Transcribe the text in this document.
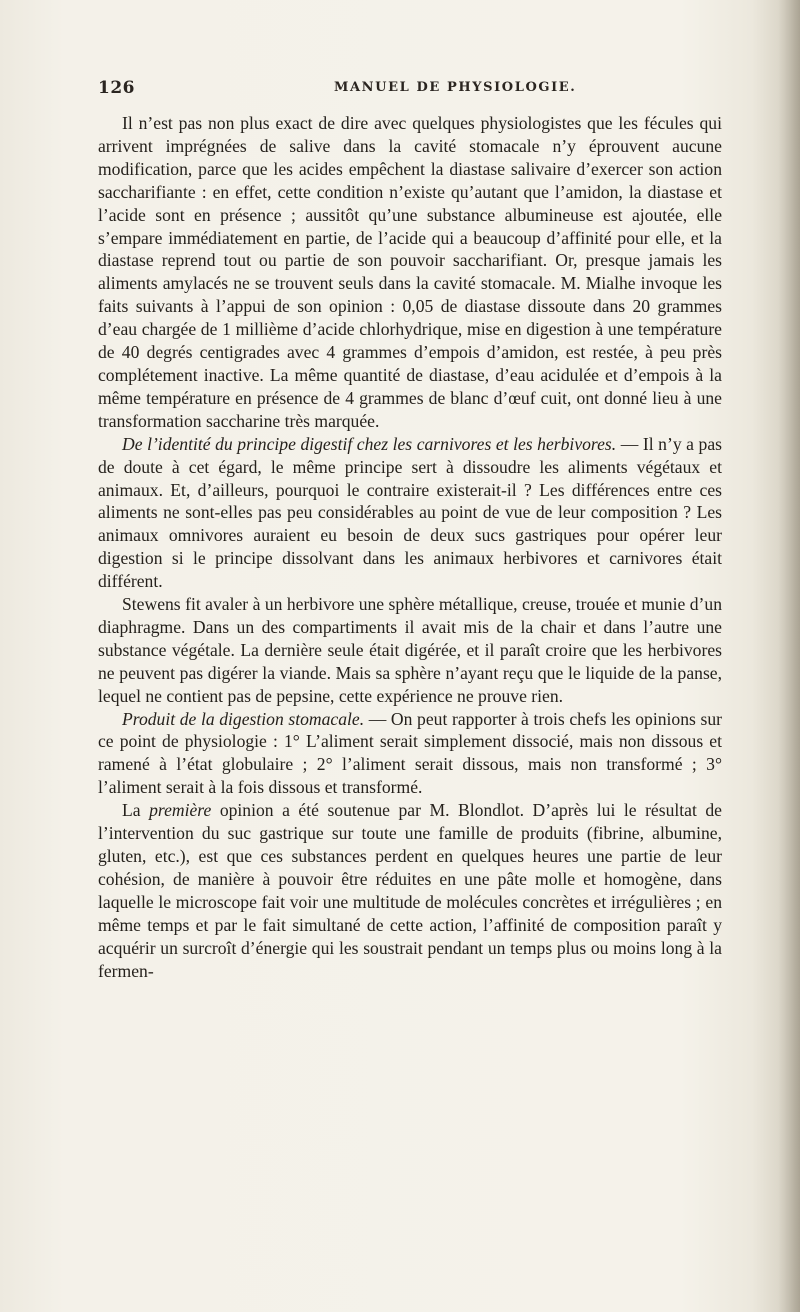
126	MANUEL DE PHYSIOLOGIE.

Il n’est pas non plus exact de dire avec quelques physiologistes que les fécules qui arrivent imprégnées de salive dans la cavité stomacale n’y éprouvent aucune modification, parce que les acides empêchent la diastase salivaire d’exercer son action saccharifiante : en effet, cette condition n’existe qu’autant que l’amidon, la diastase et l’acide sont en présence ; aussitôt qu’une substance albumineuse est ajoutée, elle s’empare immédiatement en partie, de l’acide qui a beaucoup d’affinité pour elle, et la diastase reprend tout ou partie de son pouvoir saccharifiant. Or, presque jamais les aliments amylacés ne se trouvent seuls dans la cavité stomacale. M. Mialhe invoque les faits suivants à l’appui de son opinion : 0,05 de diastase dissoute dans 20 grammes d’eau chargée de 1 millième d’acide chlorhydrique, mise en digestion à une température de 40 degrés centigrades avec 4 grammes d’empois d’amidon, est restée, à peu près complétement inactive. La même quantité de diastase, d’eau acidulée et d’empois à la même température en présence de 4 grammes de blanc d’œuf cuit, ont donné lieu à une transformation saccharine très marquée.

De l’identité du principe digestif chez les carnivores et les herbivores. — Il n’y a pas de doute à cet égard, le même principe sert à dissoudre les aliments végétaux et animaux. Et, d’ailleurs, pourquoi le contraire existerait-il ? Les différences entre ces aliments ne sont-elles pas peu considérables au point de vue de leur composition ? Les animaux omnivores auraient eu besoin de deux sucs gastriques pour opérer leur digestion si le principe dissolvant dans les animaux herbivores et carnivores était différent.

Stewens fit avaler à un herbivore une sphère métallique, creuse, trouée et munie d’un diaphragme. Dans un des compartiments il avait mis de la chair et dans l’autre une substance végétale. La dernière seule était digérée, et il paraît croire que les herbivores ne peuvent pas digérer la viande. Mais sa sphère n’ayant reçu que le liquide de la panse, lequel ne contient pas de pepsine, cette expérience ne prouve rien.

Produit de la digestion stomacale. — On peut rapporter à trois chefs les opinions sur ce point de physiologie : 1° L’aliment serait simplement dissocié, mais non dissous et ramené à l’état globulaire ; 2° l’aliment serait dissous, mais non transformé ; 3° l’aliment serait à la fois dissous et transformé.

La première opinion a été soutenue par M. Blondlot. D’après lui le résultat de l’intervention du suc gastrique sur toute une famille de produits (fibrine, albumine, gluten, etc.), est que ces substances perdent en quelques heures une partie de leur cohésion, de manière à pouvoir être réduites en une pâte molle et homogène, dans laquelle le microscope fait voir une multitude de molécules concrètes et irrégulières ; en même temps et par le fait simultané de cette action, l’affinité de composition paraît y acquérir un surcroît d’énergie qui les soustrait pendant un temps plus ou moins long à la fermen-
